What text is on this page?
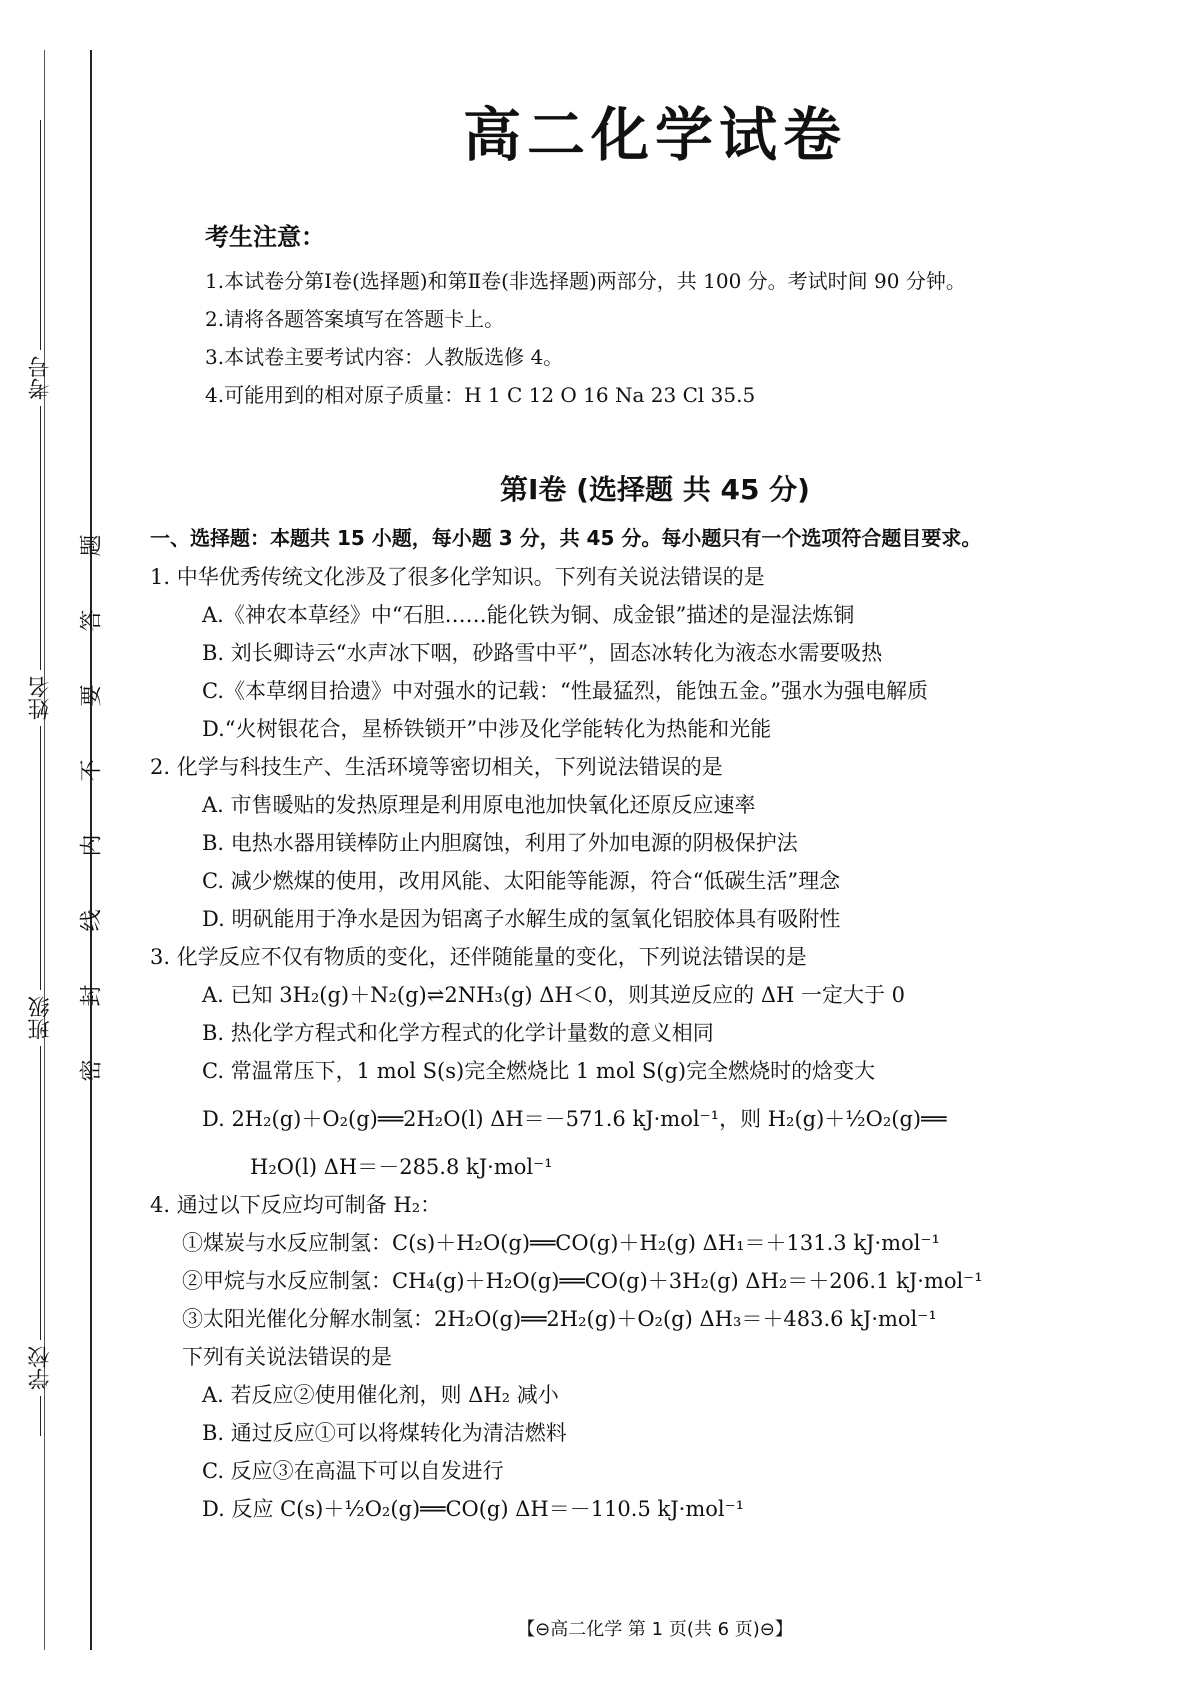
考号
姓名
班级
学校
题
答
要
不
内
线
封
密
高二化学试卷
考生注意：
1.本试卷分第Ⅰ卷(选择题)和第Ⅱ卷(非选择题)两部分，共 100 分。考试时间 90 分钟。
2.请将各题答案填写在答题卡上。
3.本试卷主要考试内容：人教版选修 4。
4.可能用到的相对原子质量：H 1 C 12 O 16 Na 23 Cl 35.5
第Ⅰ卷 (选择题 共 45 分)
一、选择题：本题共 15 小题，每小题 3 分，共 45 分。每小题只有一个选项符合题目要求。
1. 中华优秀传统文化涉及了很多化学知识。下列有关说法错误的是
A.《神农本草经》中“石胆……能化铁为铜、成金银”描述的是湿法炼铜
B. 刘长卿诗云“水声冰下咽，砂路雪中平”，固态冰转化为液态水需要吸热
C.《本草纲目拾遗》中对强水的记载：“性最猛烈，能蚀五金。”强水为强电解质
D.“火树银花合，星桥铁锁开”中涉及化学能转化为热能和光能
2. 化学与科技生产、生活环境等密切相关，下列说法错误的是
A. 市售暖贴的发热原理是利用原电池加快氧化还原反应速率
B. 电热水器用镁棒防止内胆腐蚀，利用了外加电源的阴极保护法
C. 减少燃煤的使用，改用风能、太阳能等能源，符合“低碳生活”理念
D. 明矾能用于净水是因为铝离子水解生成的氢氧化铝胶体具有吸附性
3. 化学反应不仅有物质的变化，还伴随能量的变化，下列说法错误的是
A. 已知 3H₂(g)＋N₂(g)⇌2NH₃(g) ΔH＜0，则其逆反应的 ΔH 一定大于 0
B. 热化学方程式和化学方程式的化学计量数的意义相同
C. 常温常压下，1 mol S(s)完全燃烧比 1 mol S(g)完全燃烧时的焓变大
D. 2H₂(g)＋O₂(g)══2H₂O(l) ΔH＝－571.6 kJ·mol⁻¹，则 H₂(g)＋½O₂(g)══
H₂O(l) ΔH＝－285.8 kJ·mol⁻¹
4. 通过以下反应均可制备 H₂：
①煤炭与水反应制氢：C(s)＋H₂O(g)══CO(g)＋H₂(g) ΔH₁＝＋131.3 kJ·mol⁻¹
②甲烷与水反应制氢：CH₄(g)＋H₂O(g)══CO(g)＋3H₂(g) ΔH₂＝＋206.1 kJ·mol⁻¹
③太阳光催化分解水制氢：2H₂O(g)══2H₂(g)＋O₂(g) ΔH₃＝＋483.6 kJ·mol⁻¹
下列有关说法错误的是
A. 若反应②使用催化剂，则 ΔH₂ 减小
B. 通过反应①可以将煤转化为清洁燃料
C. 反应③在高温下可以自发进行
D. 反应 C(s)＋½O₂(g)══CO(g) ΔH＝－110.5 kJ·mol⁻¹
【⊖高二化学 第 1 页(共 6 页)⊖】
